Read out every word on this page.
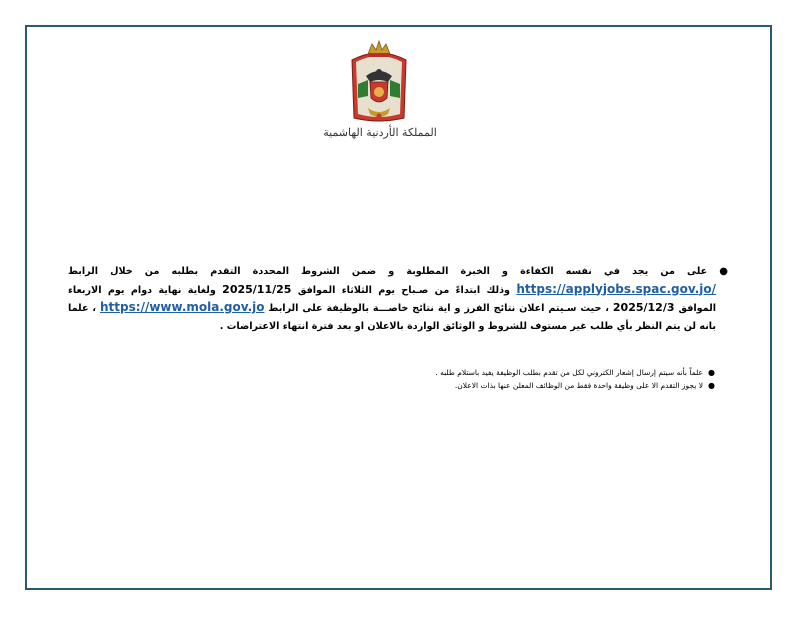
المملكة الأردنية الهاشمية
●
على من يجد في نفسه الكفاءة و الخبرة المطلوبة و ضمن الشروط المحددة التقدم بطلبه من خلال الرابط https://applyjobs.spac.gov.jo/ وذلك ابتداءً من صـباح يوم الثلاثاء الموافق 2025/11/25 ولغاية نهاية دوام يوم الاربعاء الموافق 2025/12/3 ، حيث سـيتم اعلان نتائج الفرز و اية نتائج خاصـــة بالوظيفة على الرابط https://www.mola.gov.jo ، علما بانه لن يتم النظر بأي طلب غير مستوف للشروط و الوثائق الواردة بالاعلان او بعد فترة انتهاء الاعتراضات .
●
علماً بأنه سيتم إرسال إشعار الكتروني لكل من تقدم بطلب الوظيفة يفيد باستلام طلبه .
●
لا يجوز التقدم الا على وظيفة واحدة فقط من الوظائف المعلن عنها بذات الاعلان.
